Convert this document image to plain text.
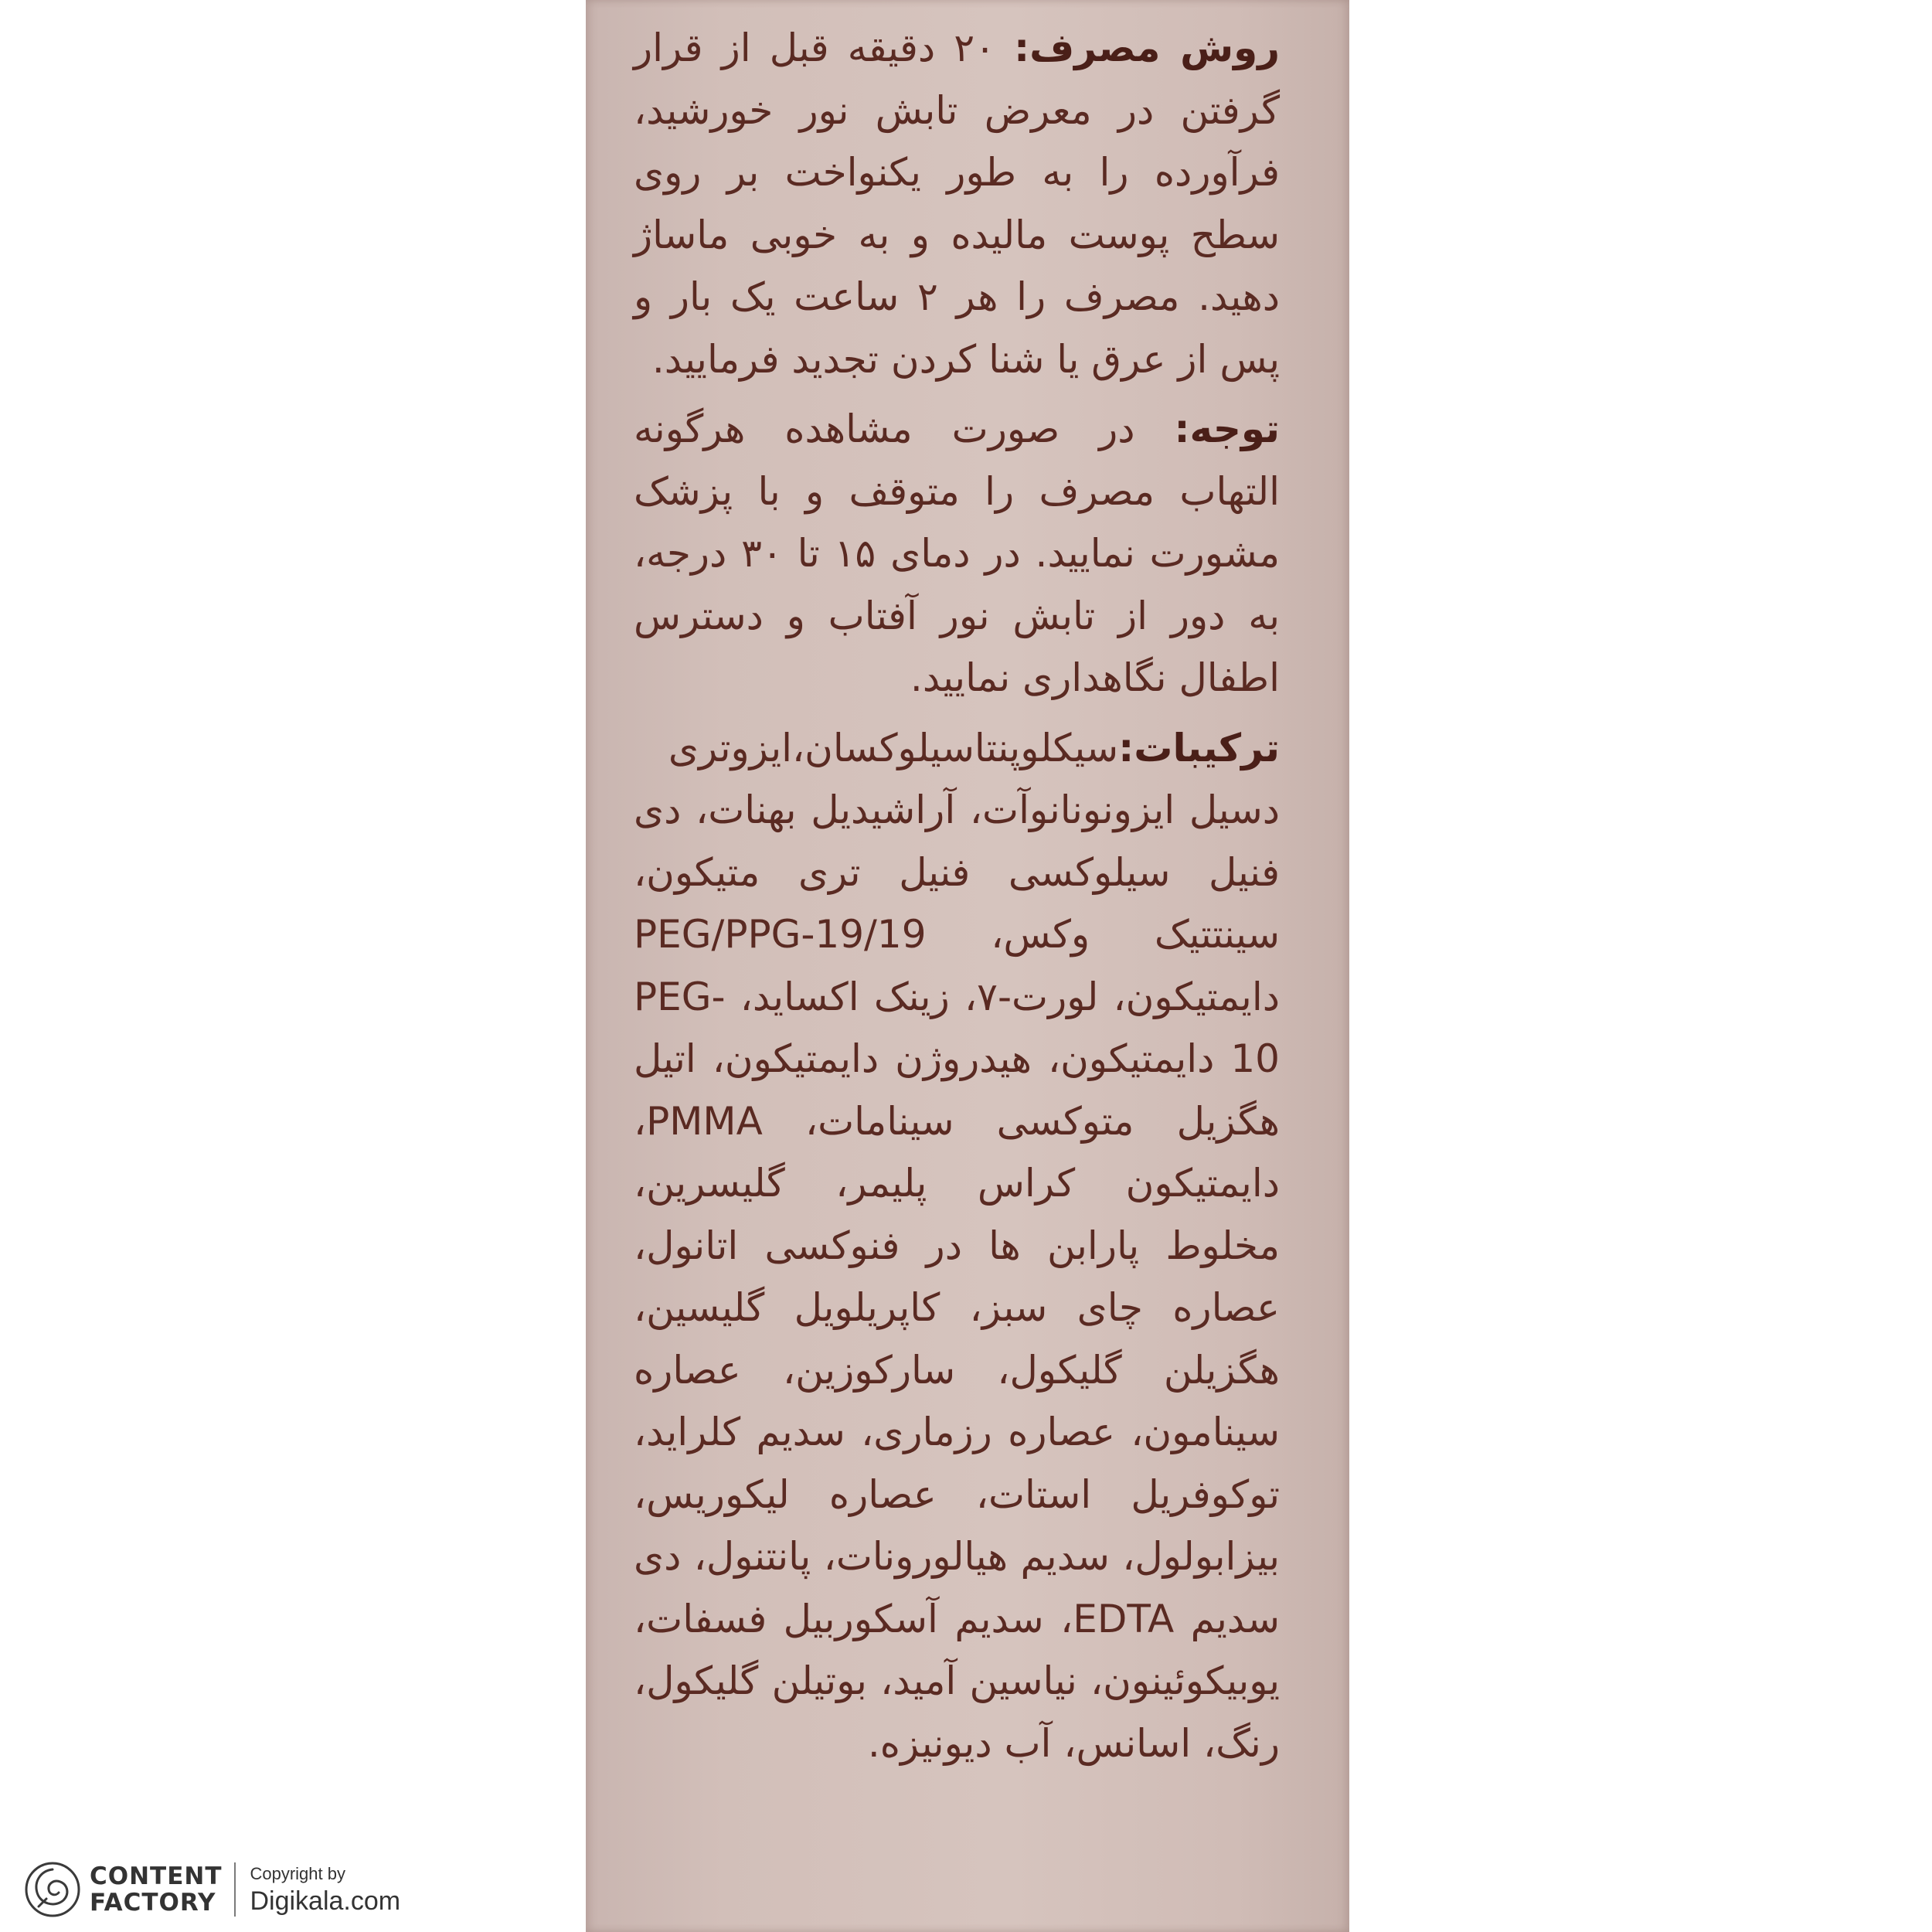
روش مصرف: ۲۰ دقیقه قبل از قرار گرفتن در معرض تابش نور خورشید، فرآورده را به طور یکنواخت بر روی سطح پوست مالیده و به خوبی ماساژ دهید. مصرف را هر ۲ ساعت یک بار و پس از عرق یا شنا کردن تجدید فرمایید.

توجه: در صورت مشاهده هرگونه التهاب مصرف را متوقف و با پزشک مشورت نمایید. در دمای ۱۵ تا ۳۰ درجه، به دور از تابش نور آفتاب و دسترس اطفال نگاهداری نمایید.

ترکیبات:سیکلوپنتاسیلوکسان،ایزوتری دسیل ایزونونانوآت، آراشیدیل بهنات، دی فنیل سیلوکسی فنیل تری متیکون، سینتتیک وکس، PEG/PPG-19/19 دایمتیکون، لورت-۷، زینک اکساید، PEG-10 دایمتیکون، هیدروژن دایمتیکون، اتیل هگزیل متوکسی سینامات، PMMA، دایمتیکون کراس پلیمر، گلیسرین، مخلوط پارابن ها در فنوکسی اتانول، عصاره چای سبز، کاپریلویل گلیسین، هگزیلن گلیکول، سارکوزین، عصاره سینامون، عصاره رزماری، سدیم کلراید، توکوفریل استات، عصاره لیکوریس، بیزابولول، سدیم هیالورونات، پانتنول، دی سدیم EDTA، سدیم آسکوربیل فسفات، یوبیکوئینون، نیاسین آمید، بوتیلن گلیکول، رنگ، اسانس، آب دیونیزه.

CONTENT
FACTORY
Copyright by
Digikala.com
